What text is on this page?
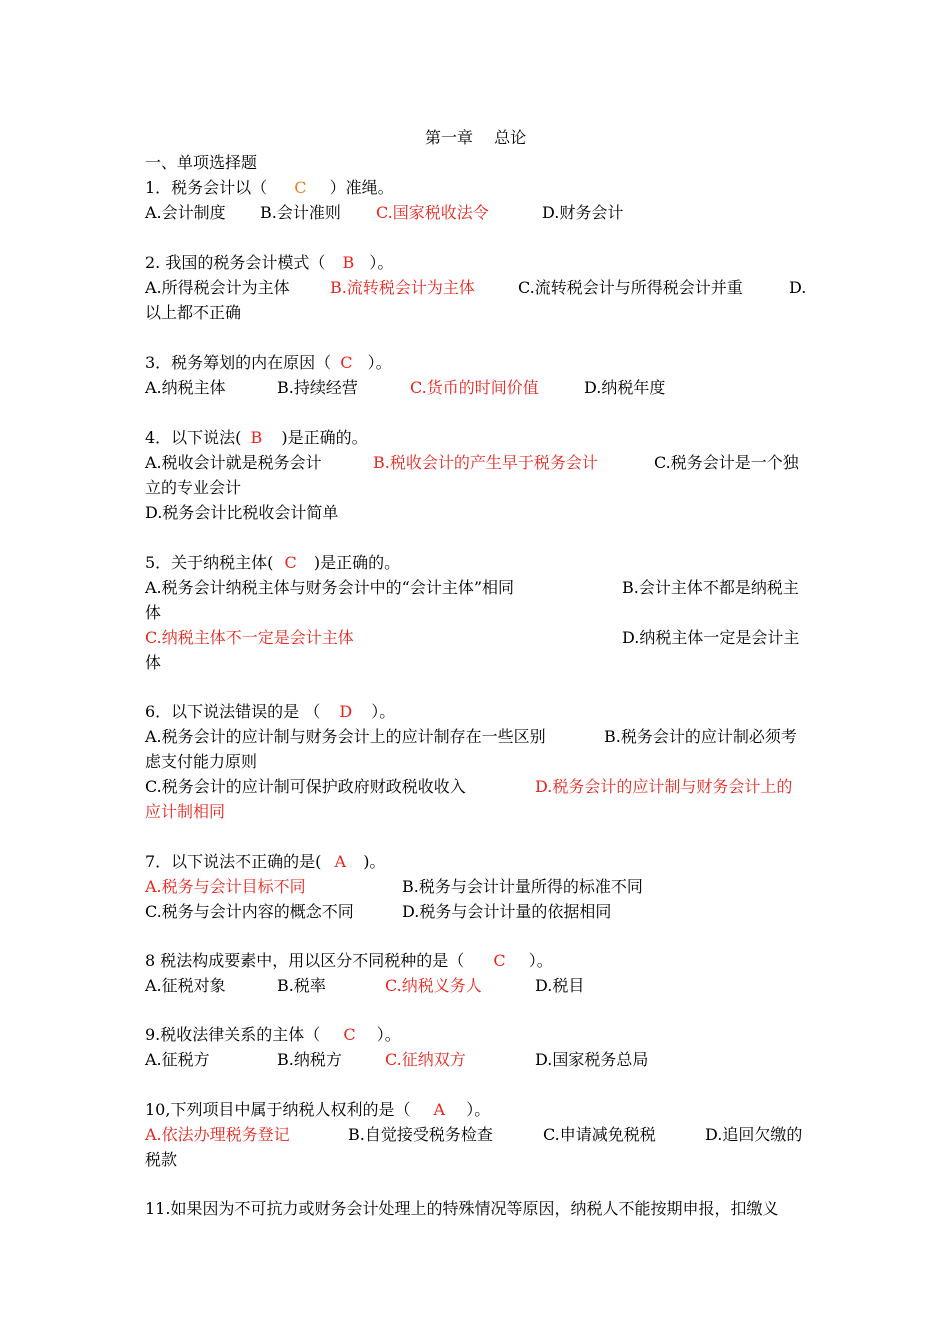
第一章　 总论
一、单项选择题
1．税务会计以（ C ）准绳。
A.会计制度 B.会计准则 C.国家税收法令	D.财务会计
2. 我国的税务会计模式（ B ）。
A.所得税会计为主体	B.流转税会计为主体	C.流转税会计与所得税会计并重	D.
以上都不正确
3．税务筹划的内在原因（ C ）。
A.纳税主体	B.持续经营	C.货币的时间价值	D.纳税年度
4．以下说法( B )是正确的。
A.税收会计就是税务会计	B.税收会计的产生早于税务会计	C.税务会计是一个独
立的专业会计
D.税务会计比税收会计简单
5．关于纳税主体( C )是正确的。
A.税务会计纳税主体与财务会计中的“会计主体”相同	B.会计主体不都是纳税主
体
C.纳税主体不一定是会计主体	D.纳税主体一定是会计主
体
6．以下说法错误的是 （ D ）。
A.税务会计的应计制与财务会计上的应计制存在一些区别	B.税务会计的应计制必须考
虑支付能力原则
C.税务会计的应计制可保护政府财政税收收入	D.税务会计的应计制与财务会计上的
应计制相同
7．以下说法不正确的是( A )。
A.税务与会计目标不同	B.税务与会计计量所得的标准不同
C.税务与会计内容的概念不同	D.税务与会计计量的依据相同
8 税法构成要素中，用以区分不同税种的是（ C ）。
A.征税对象	B.税率	C.纳税义务人	D.税目
9.税收法律关系的主体（ C ）。
A.征税方	B.纳税方	C.征纳双方	D.国家税务总局
10,下列项目中属于纳税人权利的是（ A ）。
A.依法办理税务登记	B.自觉接受税务检查	C.申请减免税税	D.追回欠缴的
税款
11.如果因为不可抗力或财务会计处理上的特殊情况等原因，纳税人不能按期申报，扣缴义
